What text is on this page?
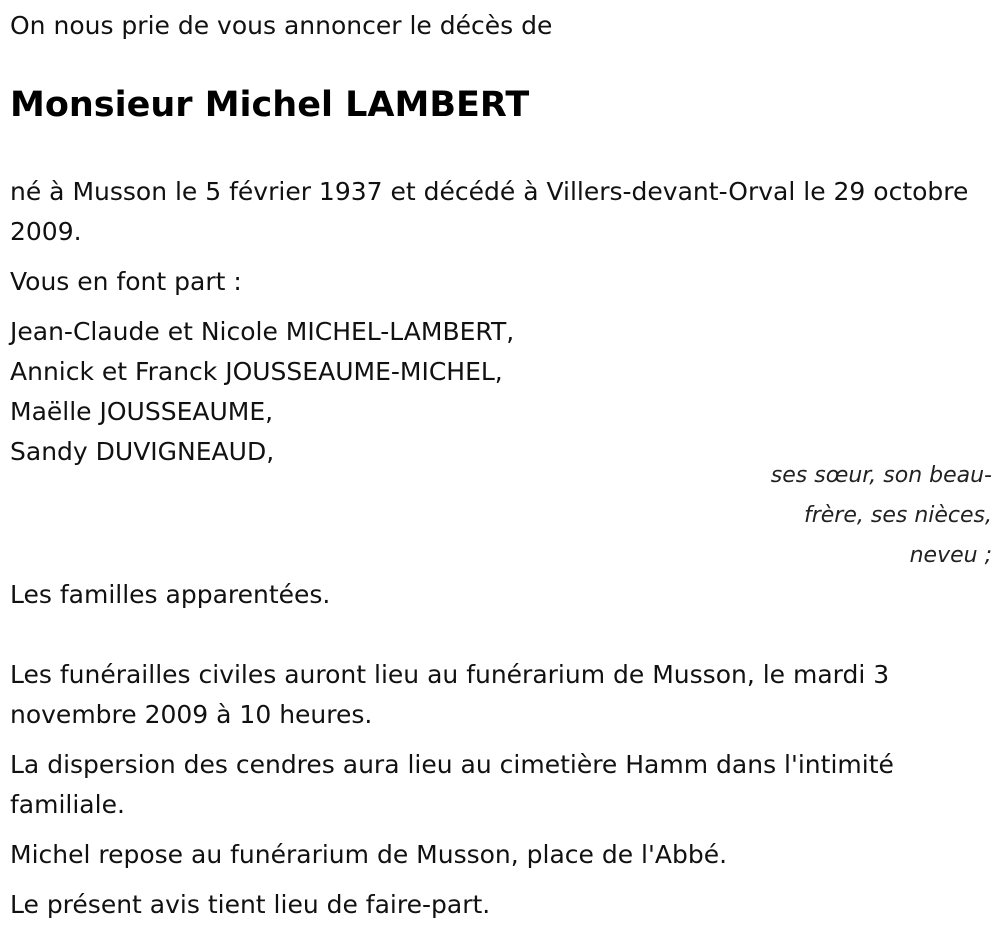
On nous prie de vous annoncer le décès de

Monsieur Michel LAMBERT

né à Musson le 5 février 1937 et décédé à Villers-devant-Orval le 29 octobre 2009.

Vous en font part :

Jean-Claude et Nicole MICHEL-LAMBERT,
Annick et Franck JOUSSEAUME-MICHEL,
Maëlle JOUSSEAUME,
Sandy DUVIGNEAUD,

ses sœur, son beau-frère, ses nièces, neveu ;

Les familles apparentées.

Les funérailles civiles auront lieu au funérarium de Musson, le mardi 3 novembre 2009 à 10 heures.

La dispersion des cendres aura lieu au cimetière Hamm dans l'intimité familiale.

Michel repose au funérarium de Musson, place de l'Abbé.

Le présent avis tient lieu de faire-part.
